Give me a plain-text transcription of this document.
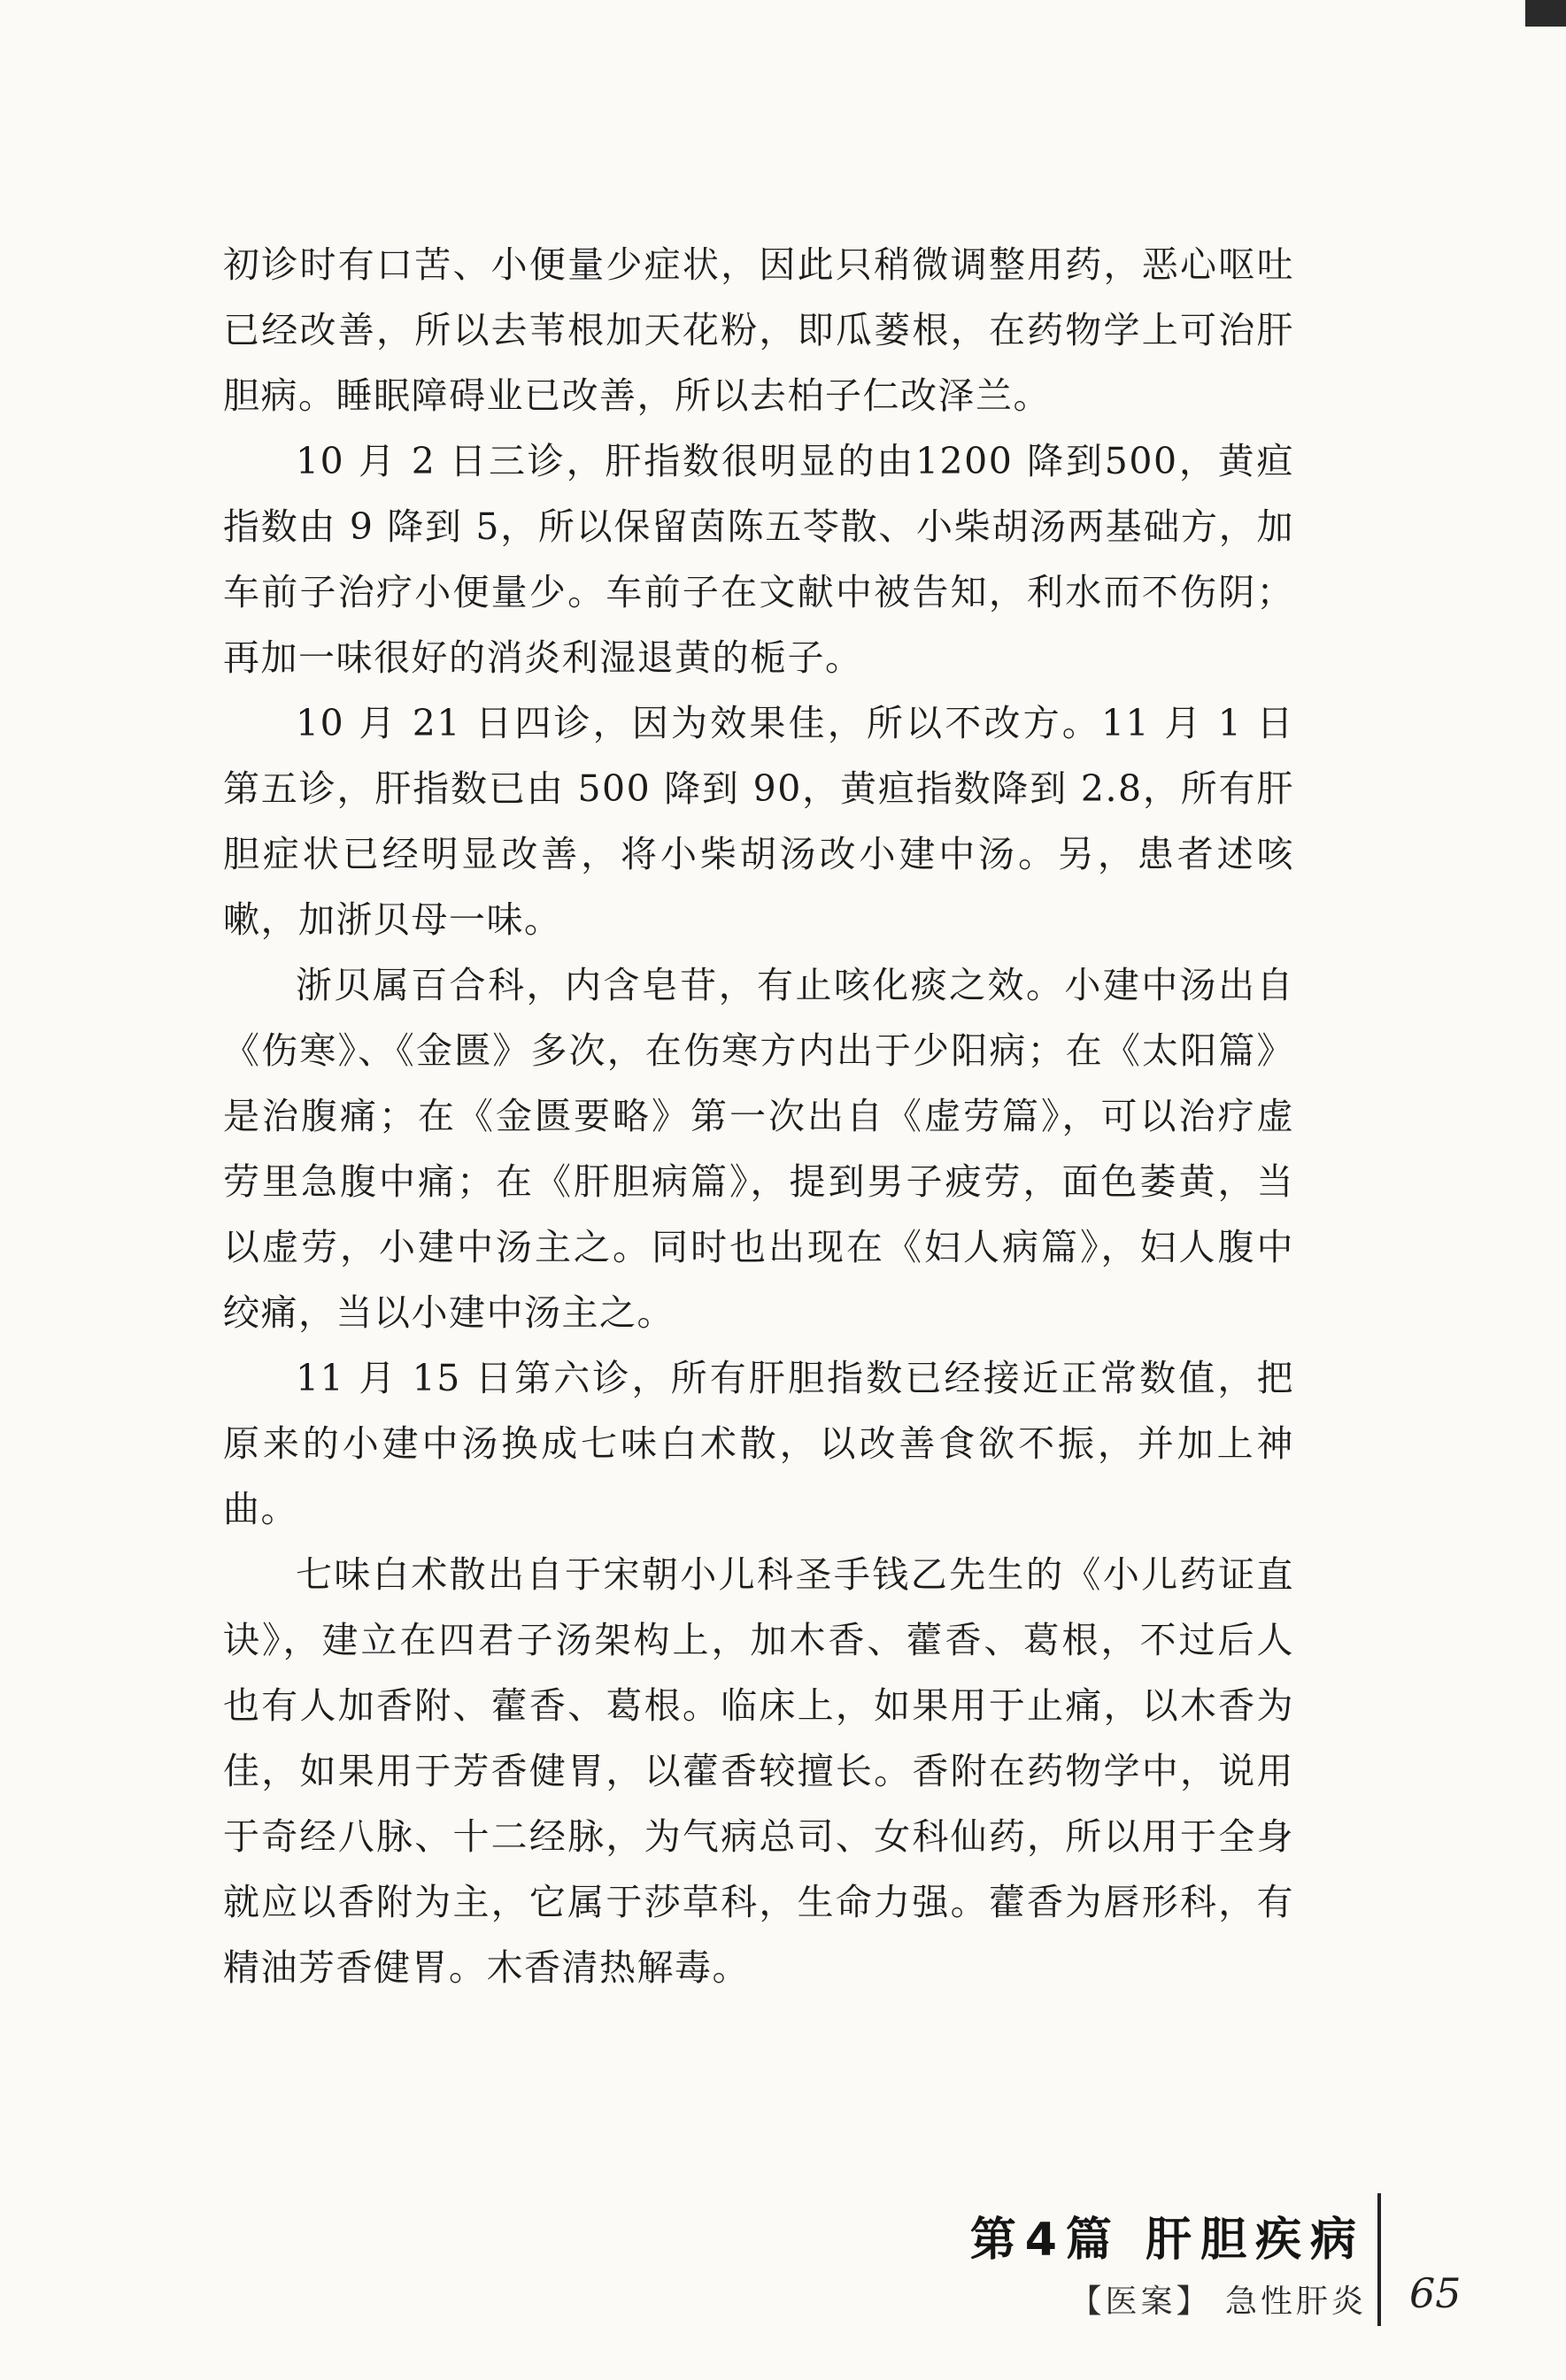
初诊时有口苦、小便量少症状，因此只稍微调整用药，恶心呕吐已经改善，所以去苇根加天花粉，即瓜蒌根，在药物学上可治肝胆病。睡眠障碍业已改善，所以去柏子仁改泽兰。

10 月 2 日三诊，肝指数很明显的由1200 降到500，黄疸指数由 9 降到 5，所以保留茵陈五苓散、小柴胡汤两基础方，加车前子治疗小便量少。车前子在文献中被告知，利水而不伤阴；再加一味很好的消炎利湿退黄的栀子。

10 月 21 日四诊，因为效果佳，所以不改方。11 月 1 日第五诊，肝指数已由 500 降到 90，黄疸指数降到 2.8，所有肝胆症状已经明显改善，将小柴胡汤改小建中汤。另，患者述咳嗽，加浙贝母一味。

浙贝属百合科，内含皂苷，有止咳化痰之效。小建中汤出自《伤寒》、《金匮》多次，在伤寒方内出于少阳病；在《太阳篇》是治腹痛；在《金匮要略》第一次出自《虚劳篇》，可以治疗虚劳里急腹中痛；在《肝胆病篇》，提到男子疲劳，面色萎黄，当以虚劳，小建中汤主之。同时也出现在《妇人病篇》，妇人腹中绞痛，当以小建中汤主之。

11 月 15 日第六诊，所有肝胆指数已经接近正常数值，把原来的小建中汤换成七味白术散，以改善食欲不振，并加上神曲。

七味白术散出自于宋朝小儿科圣手钱乙先生的《小儿药证直诀》，建立在四君子汤架构上，加木香、藿香、葛根，不过后人也有人加香附、藿香、葛根。临床上，如果用于止痛，以木香为佳，如果用于芳香健胃，以藿香较擅长。香附在药物学中，说用于奇经八脉、十二经脉，为气病总司、女科仙药，所以用于全身就应以香附为主，它属于莎草科，生命力强。藿香为唇形科，有精油芳香健胃。木香清热解毒。

第4篇 肝胆疾病
【医案】 急性肝炎 65
